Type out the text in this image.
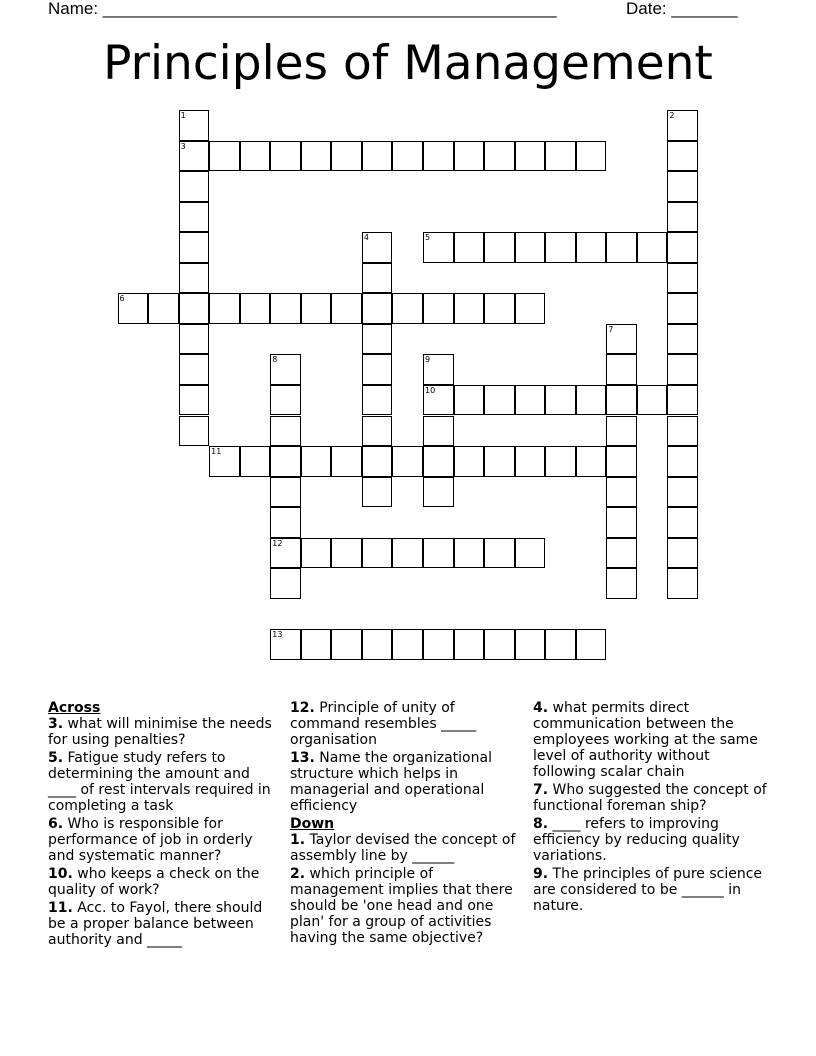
Name: ________________________________________________	Date: _______
Principles of Management
3
5
6
10
11
12
13
1	2
4
7
8	9
Across
3. what will minimise the needs for using penalties?
5. Fatigue study refers to determining the amount and ____ of rest intervals required in completing a task
6. Who is responsible for performance of job in orderly and systematic manner?
10. who keeps a check on the quality of work?
11. Acc. to Fayol, there should be a proper balance between authority and _____
12. Principle of unity of command resembles _____ organisation
13. Name the organizational structure which helps in managerial and operational efficiency
Down
1. Taylor devised the concept of assembly line by ______
2. which principle of management implies that there should be 'one head and one plan' for a group of activities having the same objective?
4. what permits direct communication between the employees working at the same level of authority without following scalar chain
7. Who suggested the concept of functional foreman ship?
8. ____ refers to improving efficiency by reducing quality variations.
9. The principles of pure science are considered to be ______ in nature.
